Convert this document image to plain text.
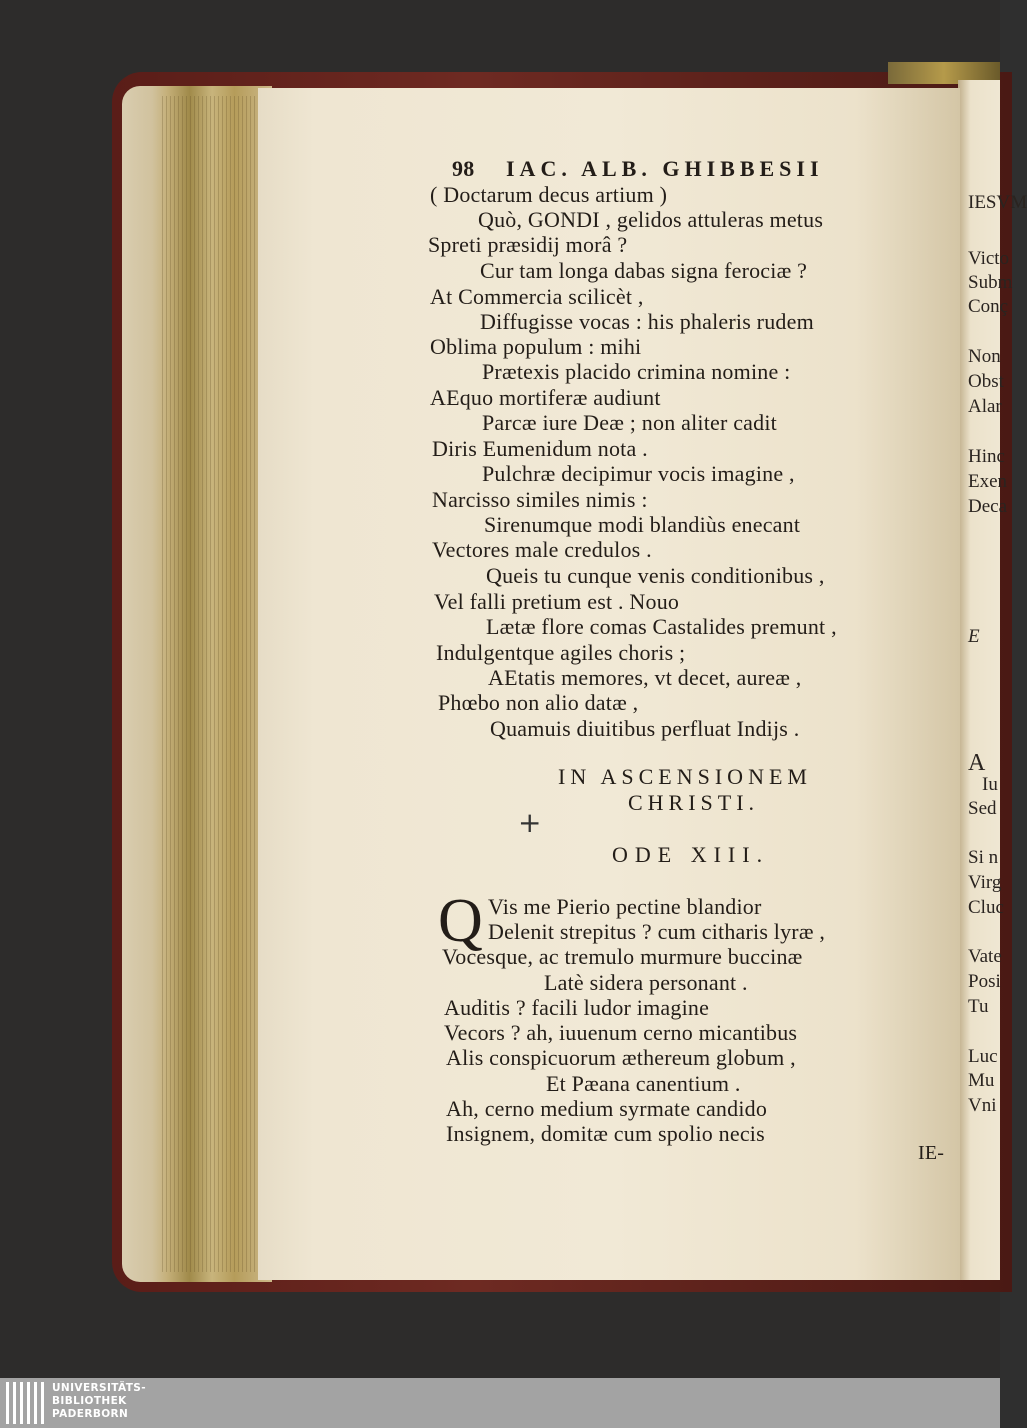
IESVM
Victo
Subm
Conç
Non
Obst
Alar
Hinc
Exen
Deca
E
A
Iu
Sed
Si n
Virg
Cluc
Vate
Posi
Tu
Luc
Mu
Vni
98 IAC. ALB. GHIBBESII
( Doctarum decus artium )
Quò, GONDI , gelidos attuleras metus
Spreti præsidij morâ ?
Cur tam longa dabas signa ferociæ ?
At Commercia scilicèt ,
Diffugisse vocas : his phaleris rudem
Oblima populum : mihi
Prætexis placido crimina nomine :
AEquo mortiferæ audiunt
Parcæ iure Deæ ; non aliter cadit
Diris Eumenidum nota .
Pulchræ decipimur vocis imagine ,
Narcisso similes nimis :
Sirenumque modi blandiùs enecant
Vectores male credulos .
Queis tu cunque venis conditionibus ,
Vel falli pretium est . Nouo
Lætæ flore comas Castalides premunt ,
Indulgentque agiles choris ;
AEtatis memores, vt decet, aureæ ,
Phœbo non alio datæ ,
Quamuis diuitibus perfluat Indijs .
IN ASCENSIONEM
CHRISTI.
+
ODE XIII.
Q Vis me Pierio pectine blandior
Delenit strepitus ? cum citharis lyræ ,
Vocesque, ac tremulo murmure buccinæ
Latè sidera personant .
Auditis ? facili ludor imagine
Vecors ? ah, iuuenum cerno micantibus
Alis conspicuorum æthereum globum ,
Et Pæana canentium .
Ah, cerno medium syrmate candido
Insignem, domitæ cum spolio necis
IE-
UNIVERSITÄTS-
BIBLIOTHEK
PADERBORN
